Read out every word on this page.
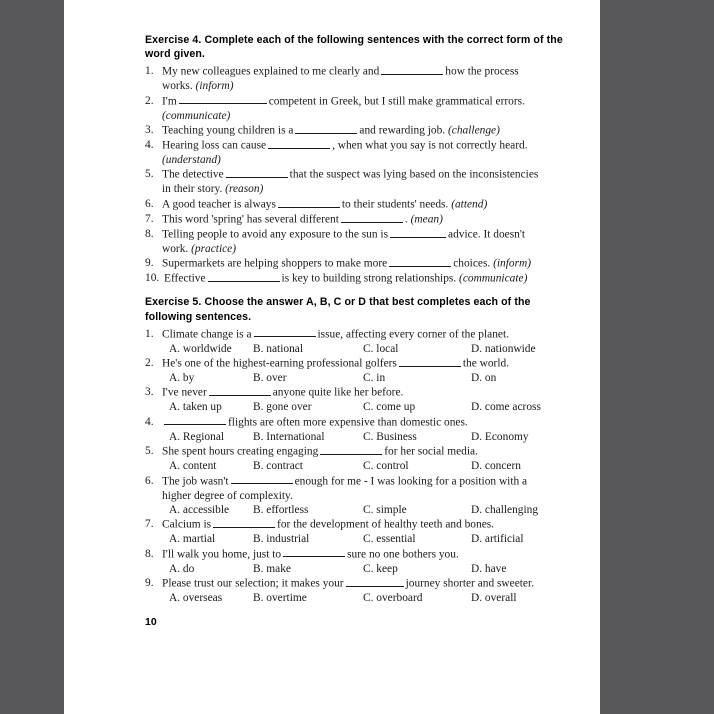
Exercise 4. Complete each of the following sentences with the correct form of the word given.
1. My new colleagues explained to me clearly and	how the process
works. (inform)
2. I'm	competent in Greek, but I still make grammatical errors.
(communicate)
3. Teaching young children is a	and rewarding job. (challenge)
4. Hearing loss can cause	, when what you say is not correctly heard.
(understand)
5. The detective	that the suspect was lying based on the inconsistencies
in their story. (reason)
6. A good teacher is always	to their students' needs. (attend)
7. This word 'spring' has several different	. (mean)
8. Telling people to avoid any exposure to the sun is	advice. It doesn't
work. (practice)
9. Supermarkets are helping shoppers to make more	choices. (inform)
10. Effective	is key to building strong relationships. (communicate)
Exercise 5. Choose the answer A, B, C or D that best completes each of the following sentences.
1. Climate change is a	issue, affecting every corner of the planet.
A. worldwide	B. national	C. local	D. nationwide
2. He's one of the highest-earning professional golfers	the world.
A. by	B. over	C. in	D. on
3. I've never	anyone quite like her before.
A. taken up	B. gone over	C. come up	D. come across
4.	flights are often more expensive than domestic ones.
A. Regional	B. International	C. Business	D. Economy
5. She spent hours creating engaging	for her social media.
A. content	B. contract	C. control	D. concern
6. The job wasn't	enough for me - I was looking for a position with a
higher degree of complexity.
A. accessible	B. effortless	C. simple	D. challenging
7. Calcium is	for the development of healthy teeth and bones.
A. martial	B. industrial	C. essential	D. artificial
8. I'll walk you home, just to	sure no one bothers you.
A. do	B. make	C. keep	D. have
9. Please trust our selection; it makes your	journey shorter and sweeter.
A. overseas	B. overtime	C. overboard	D. overall
10
